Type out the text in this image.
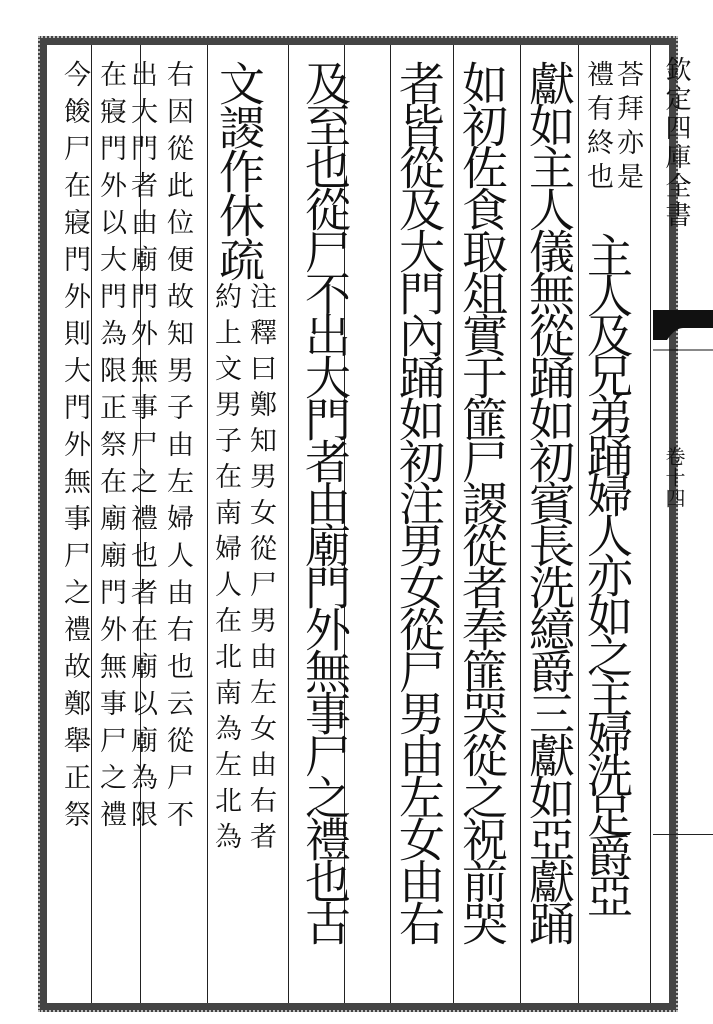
欽定四庫全書
卷十四
荅拜亦是
禮有終也
主人及兄弟踊婦人亦如之主婦洗足爵亞
獻如主人儀無從踊如初賓長洗繶爵三獻如亞獻踊
如初佐食取俎實于篚尸謖從者奉篚哭從之祝前哭
者皆從及大門內踊如初注男女從尸男由左女由右
及至也從尸不出大門者由廟門外無事尸之禮也古
文謖作休疏
注釋曰鄭知男女從尸男由左女由右者
約上文男子在南婦人在北南為左北為
右因從此位便故知男子由左婦人由右也云從尸不
出大門者由廟門外無事尸之禮也者在廟以廟為限
在寢門外以大門為限正祭在廟廟門外無事尸之禮
今餕尸在寢門外則大門外無事尸之禮故鄭舉正祭
